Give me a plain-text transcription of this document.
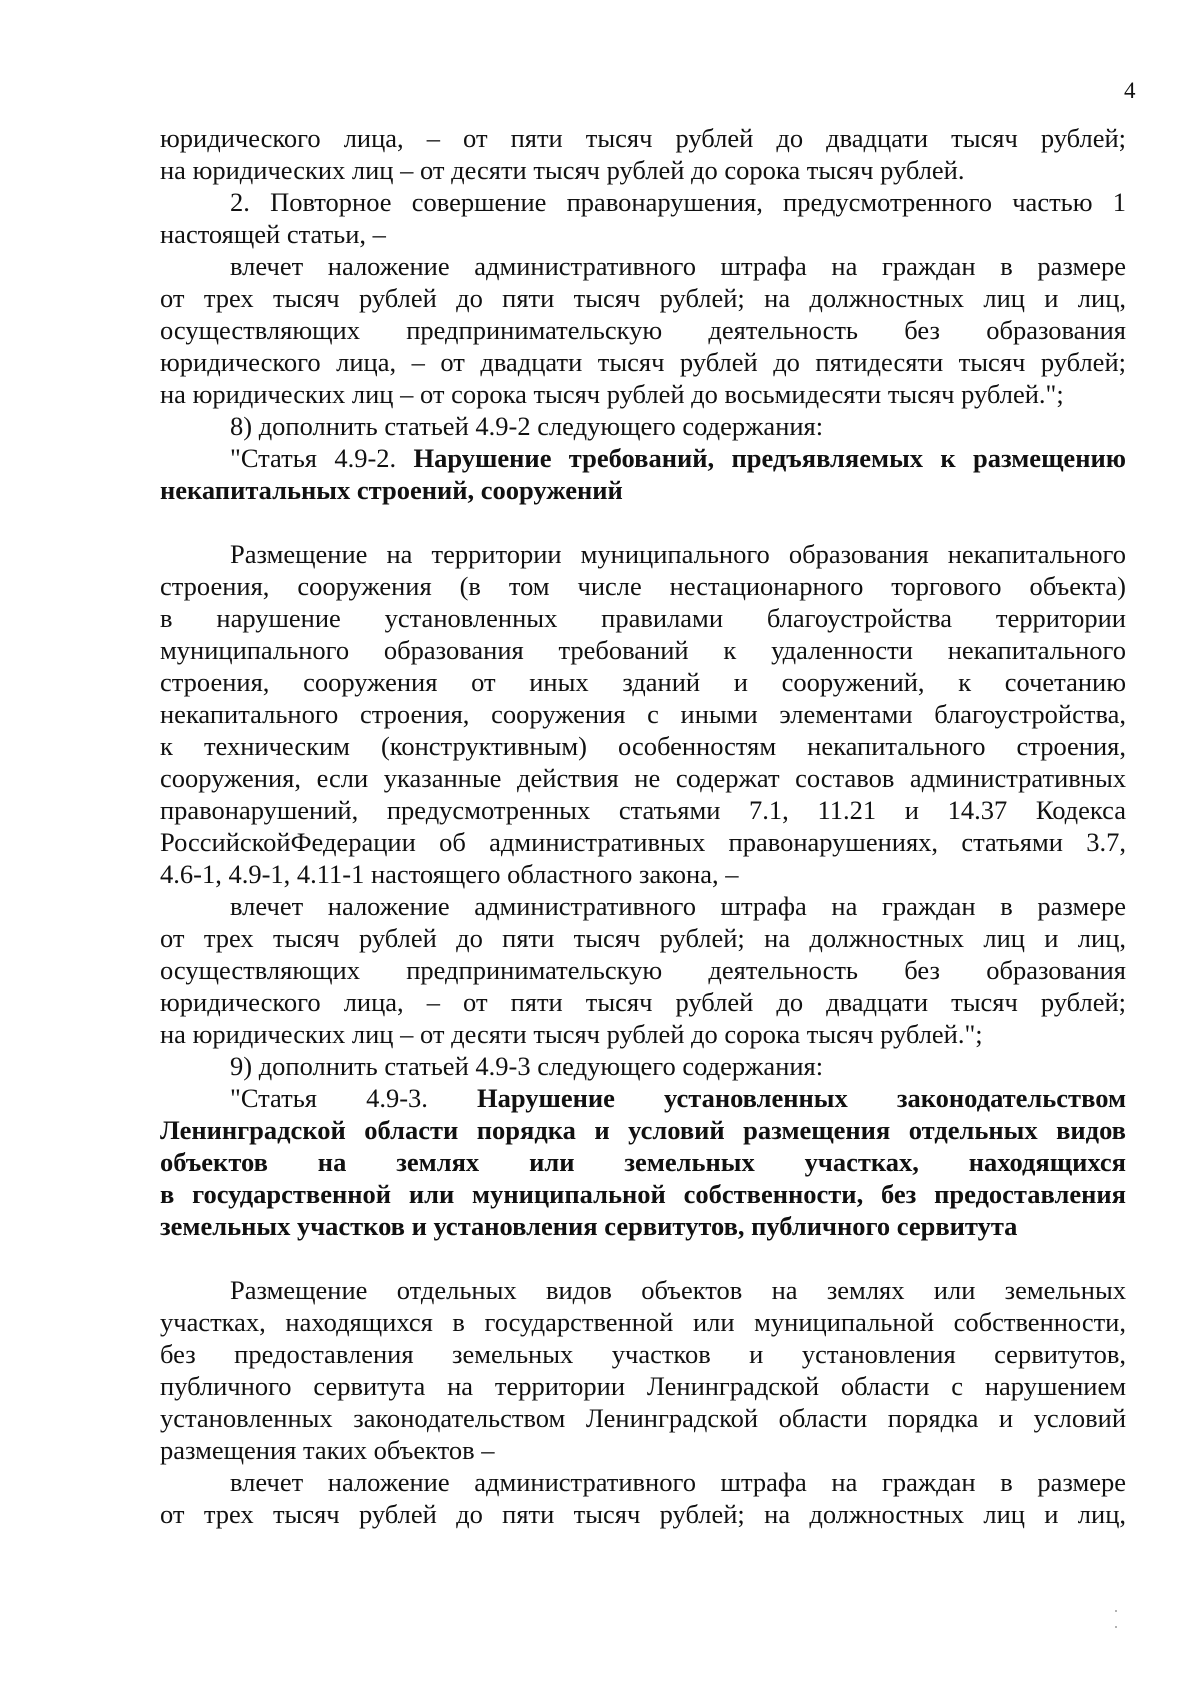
4
юридического лица, – от пяти тысяч рублей до двадцати тысяч рублей;
на юридических лиц – от десяти тысяч рублей до сорока тысяч рублей.
2. Повторное совершение правонарушения, предусмотренного частью 1
настоящей статьи, –
влечет наложение административного штрафа на граждан в размере
от трех тысяч рублей до пяти тысяч рублей; на должностных лиц и лиц,
осуществляющих предпринимательскую деятельность без образования
юридического лица, – от двадцати тысяч рублей до пятидесяти тысяч рублей;
на юридических лиц – от сорока тысяч рублей до восьмидесяти тысяч рублей.";
8) дополнить статьей 4.9-2 следующего содержания:
"Статья 4.9-2. Нарушение требований, предъявляемых к размещению
некапитальных строений, сооружений
Размещение на территории муниципального образования некапитального
строения, сооружения (в том числе нестационарного торгового объекта)
в нарушение установленных правилами благоустройства территории
муниципального образования требований к удаленности некапитального
строения, сооружения от иных зданий и сооружений, к сочетанию
некапитального строения, сооружения с иными элементами благоустройства,
к техническим (конструктивным) особенностям некапитального строения,
сооружения, если указанные действия не содержат составов административных
правонарушений, предусмотренных статьями 7.1, 11.21 и 14.37 Кодекса
РоссийскойФедерации об административных правонарушениях, статьями 3.7,
4.6-1, 4.9-1, 4.11-1 настоящего областного закона, –
влечет наложение административного штрафа на граждан в размере
от трех тысяч рублей до пяти тысяч рублей; на должностных лиц и лиц,
осуществляющих предпринимательскую деятельность без образования
юридического лица, – от пяти тысяч рублей до двадцати тысяч рублей;
на юридических лиц – от десяти тысяч рублей до сорока тысяч рублей.";
9) дополнить статьей 4.9-3 следующего содержания:
"Статья 4.9-3. Нарушение установленных законодательством
Ленинградской области порядка и условий размещения отдельных видов
объектов на землях или земельных участках, находящихся
в государственной или муниципальной собственности, без предоставления
земельных участков и установления сервитутов, публичного сервитута
Размещение отдельных видов объектов на землях или земельных
участках, находящихся в государственной или муниципальной собственности,
без предоставления земельных участков и установления сервитутов,
публичного сервитута на территории Ленинградской области с нарушением
установленных законодательством Ленинградской области порядка и условий
размещения таких объектов –
влечет наложение административного штрафа на граждан в размере
от трех тысяч рублей до пяти тысяч рублей; на должностных лиц и лиц,
